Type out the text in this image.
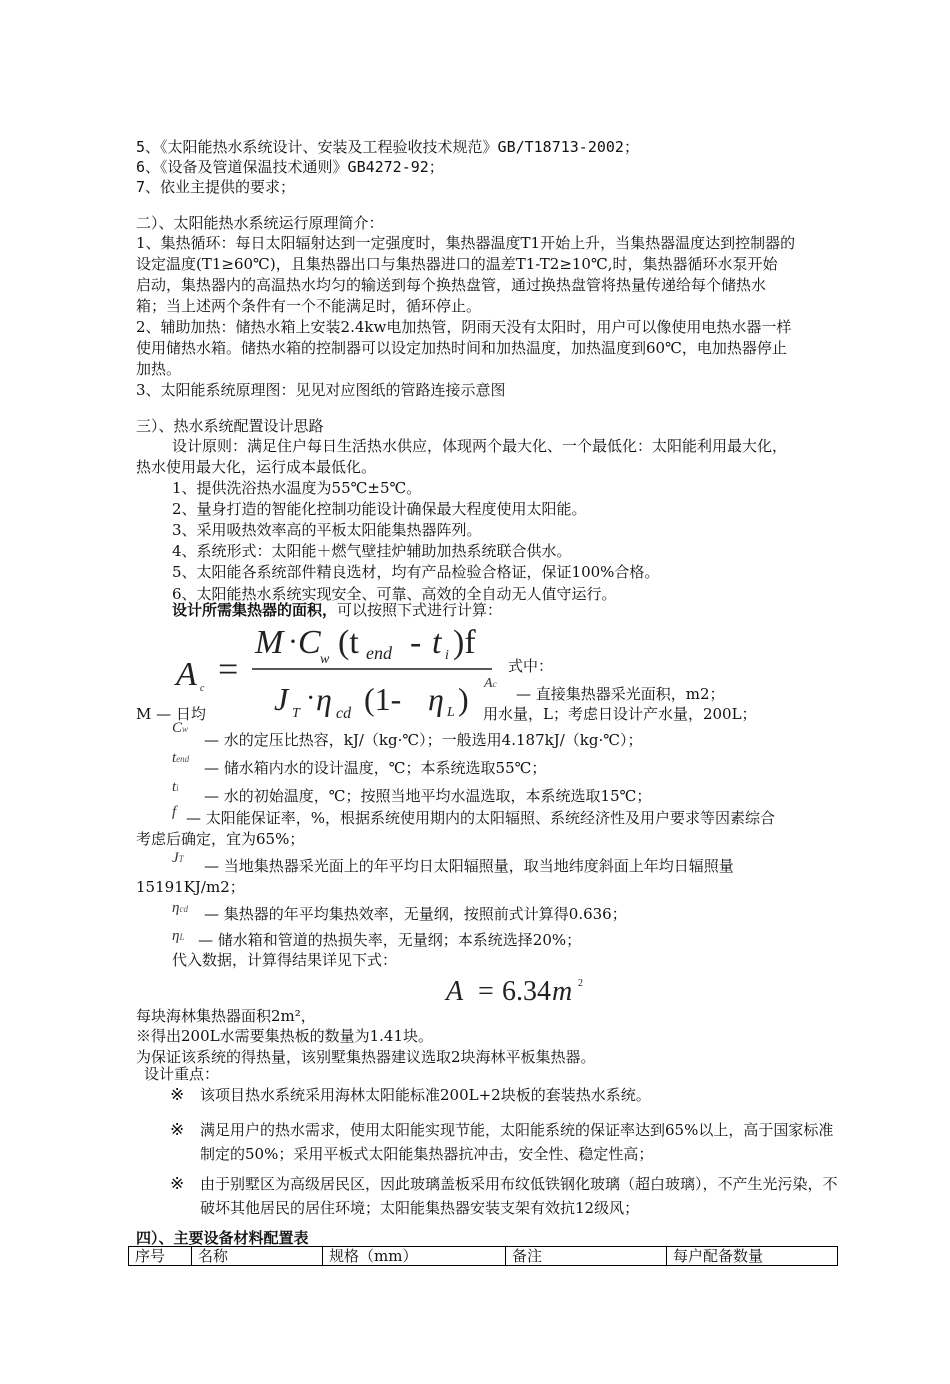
5、《太阳能热水系统设计、安装及工程验收技术规范》GB/T18713-2002；
6、《设备及管道保温技术通则》GB4272-92；
7、依业主提供的要求；
二）、太阳能热水系统运行原理简介：
1、集热循环：每日太阳辐射达到一定强度时，集热器温度T1开始上升，当集热器温度达到控制器的
设定温度(T1≥60℃)，且集热器出口与集热器进口的温差T1-T2≥10℃,时，集热器循环水泵开始
启动，集热器内的高温热水均匀的输送到每个换热盘管，通过换热盘管将热量传递给每个储热水
箱；当上述两个条件有一个不能满足时，循环停止。
2、辅助加热：储热水箱上安装2.4kw电加热管，阴雨天没有太阳时，用户可以像使用电热水器一样
使用储热水箱。储热水箱的控制器可以设定加热时间和加热温度，加热温度到60℃，电加热器停止
加热。
3、太阳能系统原理图：见见对应图纸的管路连接示意图
三）、热水系统配置设计思路
设计原则：满足住户每日生活热水供应，体现两个最大化、一个最低化：太阳能利用最大化，
热水使用最大化，运行成本最低化。
1、提供洗浴热水温度为55℃±5℃。
2、量身打造的智能化控制功能设计确保最大程度使用太阳能。
3、采用吸热效率高的平板太阳能集热器阵列。
4、系统形式：太阳能＋燃气壁挂炉辅助加热系统联合供水。
5、太阳能各系统部件精良选材，均有产品检验合格证，保证100%合格。
6、太阳能热水系统实现安全、可靠、高效的全自动无人值守运行。
设计所需集热器的面积，可以按照下式进行计算：
A c =
M · C w (t end - t i )f
J T · η cd (1- η L )
式中：
Ac
— 直接集热器采光面积，m2；
M — 日均	用水量，L；考虑日设计产水量，200L；
Cw
— 水的定压比热容，kJ/（kg·℃）；一般选用4.187kJ/（kg·℃）；
tend — 储水箱内水的设计温度，℃；本系统选取55℃；
ti — 水的初始温度，℃；按照当地平均水温选取，本系统选取15℃；
f — 太阳能保证率，%，根据系统使用期内的太阳辐照、系统经济性及用户要求等因素综合
考虑后确定，宜为65%；
JT — 当地集热器采光面上的年平均日太阳辐照量，取当地纬度斜面上年均日辐照量
15191KJ/m2；
ηcd — 集热器的年平均集热效率，无量纲，按照前式计算得0.636；
ηL — 储水箱和管道的热损失率，无量纲；本系统选择20%；
代入数据，计算得结果详见下式：
A = 6.34 m 2
每块海林集热器面积2m²，
※得出200L水需要集热板的数量为1.41块。
为保证该系统的得热量，该别墅集热器建议选取2块海林平板集热器。
设计重点：
※ 该项目热水系统采用海林太阳能标准200L+2块板的套装热水系统。
※ 满足用户的热水需求，使用太阳能实现节能，太阳能系统的保证率达到65%以上，高于国家标准制定的50%；采用平板式太阳能集热器抗冲击，安全性、稳定性高；
※ 由于别墅区为高级居民区，因此玻璃盖板采用布纹低铁钢化玻璃（超白玻璃），不产生光污染，不破坏其他居民的居住环境；太阳能集热器安装支架有效抗12级风；
四）、主要设备材料配置表
序号	名称	规格（mm）	备注	每户配备数量
